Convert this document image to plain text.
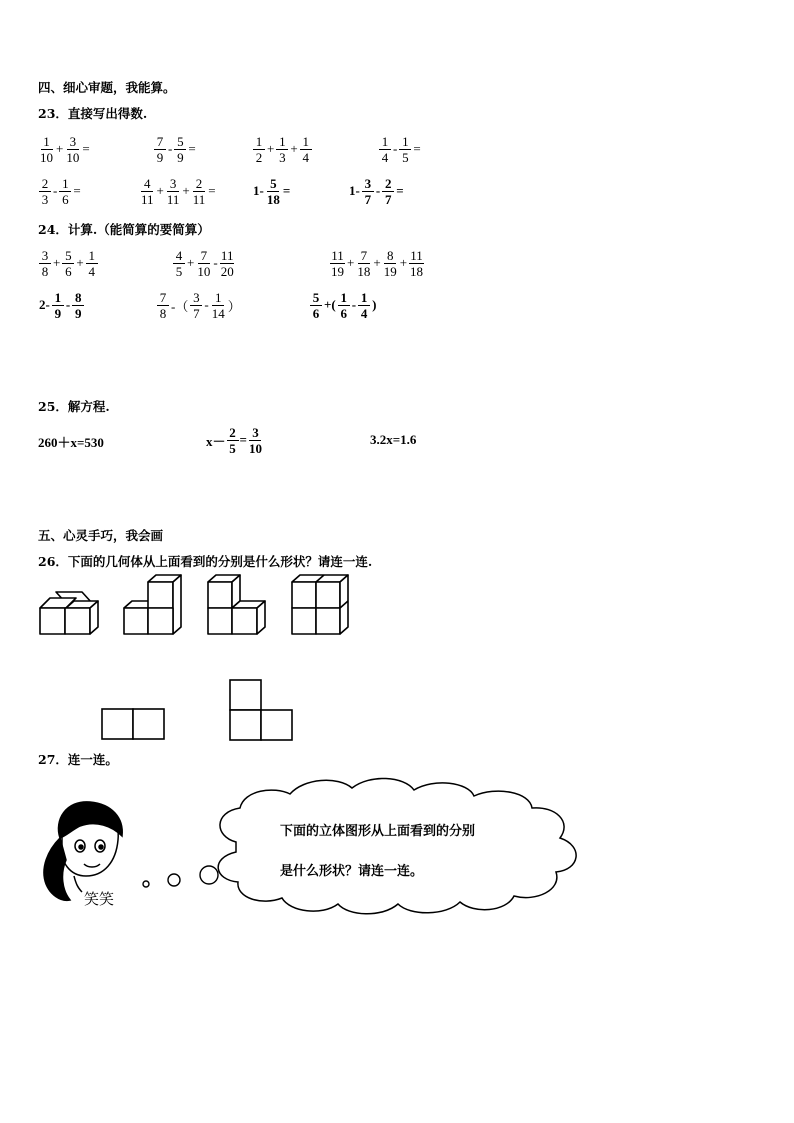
四、细心审题，我能算。
23．直接写出得数.
$\frac{1}{10} + \frac{3}{10}$ =	$\frac{7}{9} - \frac{5}{9}$ =	$\frac{1}{2} + \frac{1}{3} + \frac{1}{4}$	$\frac{1}{4} - \frac{1}{5}$ =
$\frac{2}{3} - \frac{1}{6}$ =	$\frac{4}{11} + \frac{3}{11} + \frac{2}{11}$ =	$1- \frac{5}{18}$ =	$1- \frac{3}{7} - \frac{2}{7}$ =
24．计算.（能简算的要简算）
$\frac{3}{8} + \frac{5}{6} + \frac{1}{4}$	$\frac{4}{5} + \frac{7}{10} - \frac{11}{20}$	$\frac{11}{19} + \frac{7}{18} + \frac{8}{19} + \frac{11}{18}$
$2- \frac{1}{9} - \frac{8}{9}$	$\frac{7}{8}$ -（ $\frac{3}{7} - \frac{1}{14}$ ）	$\frac{5}{6}$ +( $\frac{1}{6} - \frac{1}{4}$ )
25．解方程.
260＋x=530	$x- \frac{2}{5} = \frac{3}{10}$	3.2x=1.6
五、心灵手巧，我会画
26．下面的几何体从上面看到的分别是什么形状？请连一连.
27．连一连。
笑笑
下面的立体图形从上面看到的分别
是什么形状？请连一连。
